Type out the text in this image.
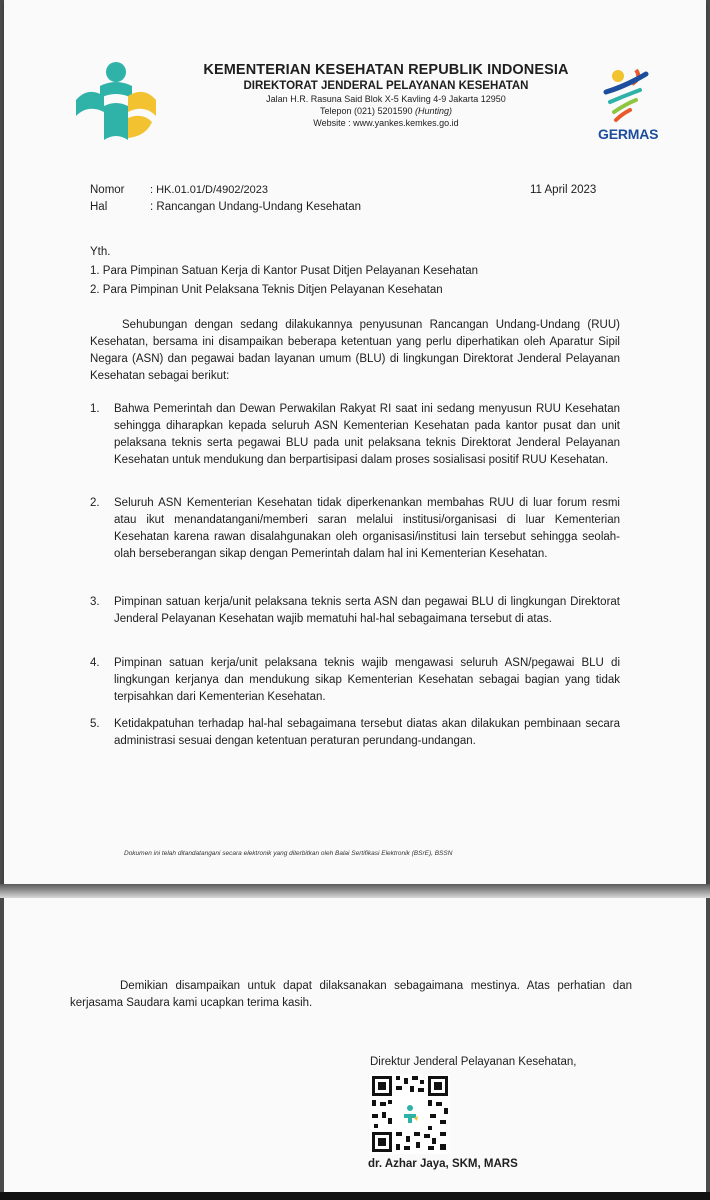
KEMENTERIAN KESEHATAN REPUBLIK INDONESIA
DIREKTORAT JENDERAL PELAYANAN KESEHATAN
Jalan H.R. Rasuna Said Blok X-5 Kavling 4-9 Jakarta 12950
Telepon (021) 5201590 (Hunting)
Website : www.yankes.kemkes.go.id
GERMAS
Nomor : HK.01.01/D/4902/2023
Hal	: Rancangan Undang-Undang Kesehatan
11 April 2023
Yth.
1. Para Pimpinan Satuan Kerja di Kantor Pusat Ditjen Pelayanan Kesehatan
2. Para Pimpinan Unit Pelaksana Teknis Ditjen Pelayanan Kesehatan
Sehubungan dengan sedang dilakukannya penyusunan Rancangan Undang-Undang (RUU) Kesehatan, bersama ini disampaikan beberapa ketentuan yang perlu diperhatikan oleh Aparatur Sipil Negara (ASN) dan pegawai badan layanan umum (BLU) di lingkungan Direktorat Jenderal Pelayanan Kesehatan sebagai berikut:
1. Bahwa Pemerintah dan Dewan Perwakilan Rakyat RI saat ini sedang menyusun RUU Kesehatan sehingga diharapkan kepada seluruh ASN Kementerian Kesehatan pada kantor pusat dan unit pelaksana teknis serta pegawai BLU pada unit pelaksana teknis Direktorat Jenderal Pelayanan Kesehatan untuk mendukung dan berpartisipasi dalam proses sosialisasi positif RUU Kesehatan.
2. Seluruh ASN Kementerian Kesehatan tidak diperkenankan membahas RUU di luar forum resmi atau ikut menandatangani/memberi saran melalui institusi/organisasi di luar Kementerian Kesehatan karena rawan disalahgunakan oleh organisasi/institusi lain tersebut sehingga seolah-olah berseberangan sikap dengan Pemerintah dalam hal ini Kementerian Kesehatan.
3. Pimpinan satuan kerja/unit pelaksana teknis serta ASN dan pegawai BLU di lingkungan Direktorat Jenderal Pelayanan Kesehatan wajib mematuhi hal-hal sebagaimana tersebut di atas.
4. Pimpinan satuan kerja/unit pelaksana teknis wajib mengawasi seluruh ASN/pegawai BLU di lingkungan kerjanya dan mendukung sikap Kementerian Kesehatan sebagai bagian yang tidak terpisahkan dari Kementerian Kesehatan.
5. Ketidakpatuhan terhadap hal-hal sebagaimana tersebut diatas akan dilakukan pembinaan secara administrasi sesuai dengan ketentuan peraturan perundang-undangan.
Dokumen ini telah ditandatangani secara elektronik yang diterbitkan oleh Balai Sertifikasi Elektronik (BSrE), BSSN
Demikian disampaikan untuk dapat dilaksanakan sebagaimana mestinya. Atas perhatian dan kerjasama Saudara kami ucapkan terima kasih.
Direktur Jenderal Pelayanan Kesehatan,
dr. Azhar Jaya, SKM, MARS
